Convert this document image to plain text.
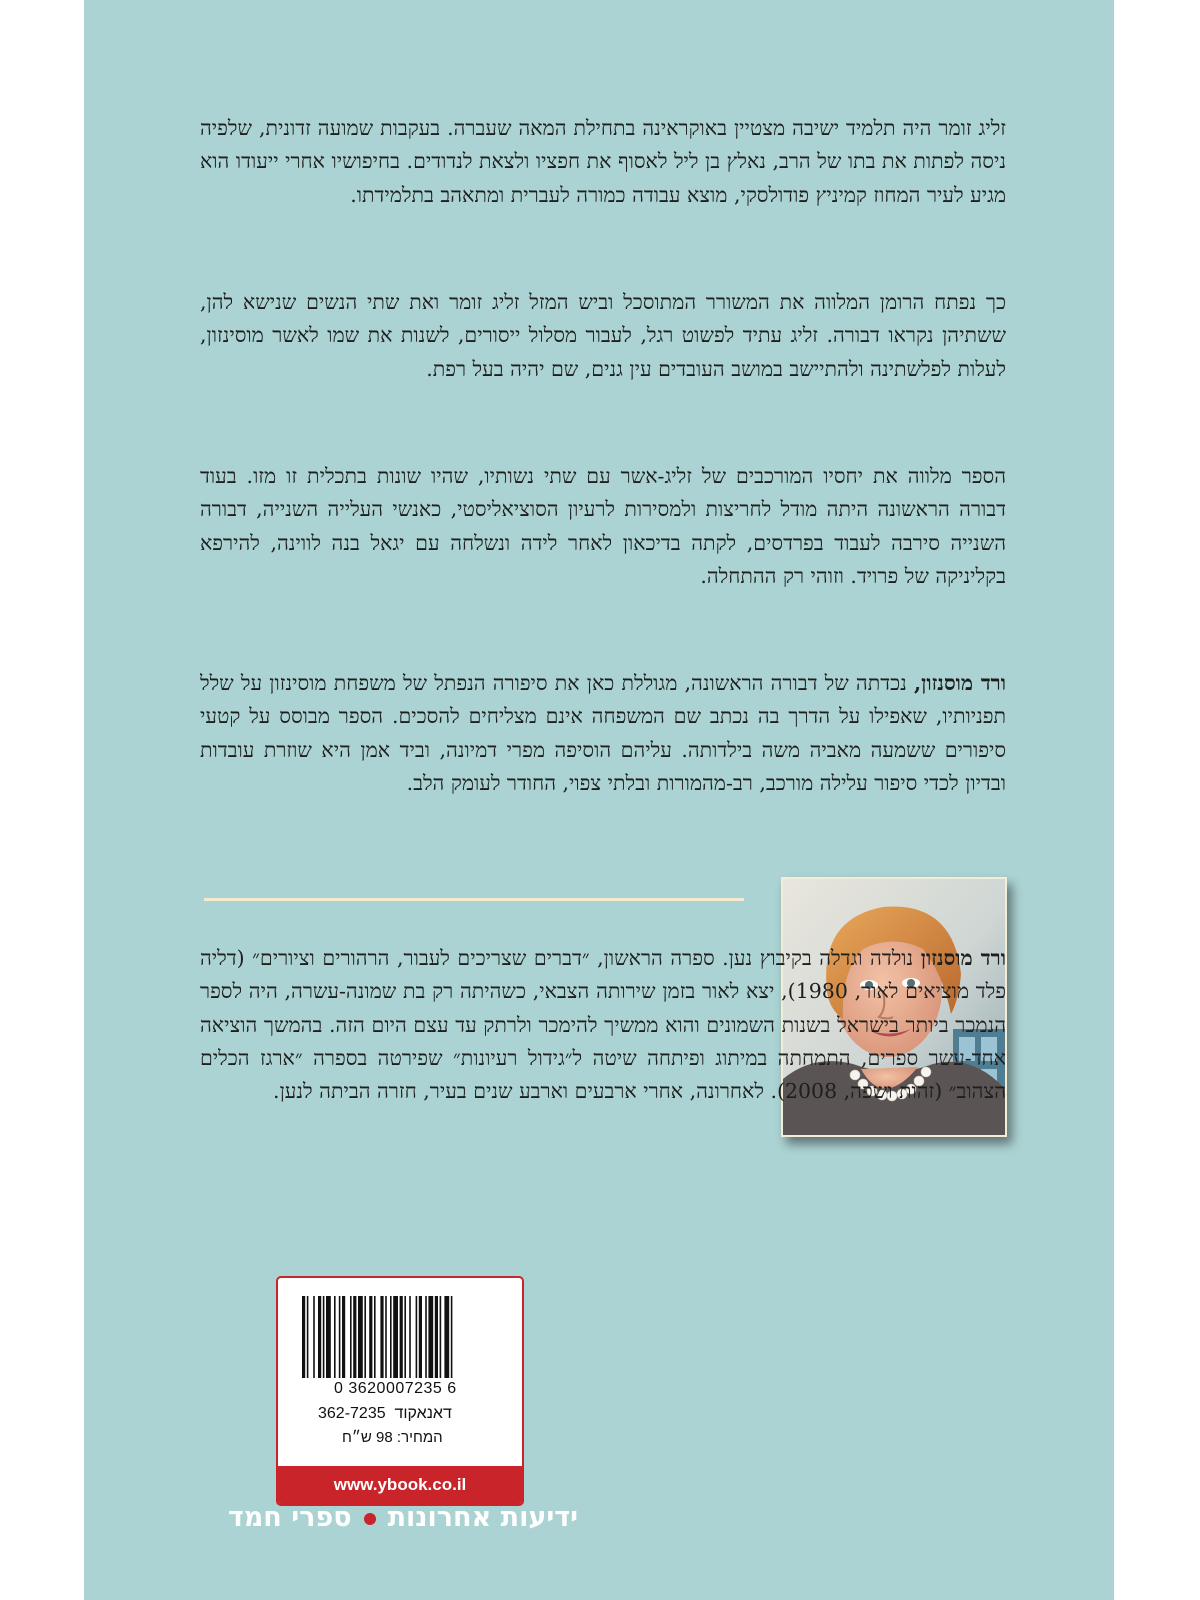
זליג זומר היה תלמיד ישיבה מצטיין באוקראינה בתחילת המאה שעברה. בעקבות שמועה זדונית, שלפיה ניסה לפתות את בתו של הרב, נאלץ בן ליל לאסוף את חפציו ולצאת לנדודים. בחיפושיו אחרי ייעודו הוא מגיע לעיר המחוז קמיניץ פודולסקי, מוצא עבודה כמורה לעברית ומתאהב בתלמידתו.

כך נפתח הרומן המלווה את המשורר המתוסכל וביש המזל זליג זומר ואת שתי הנשים שנישא להן, ששתיהן נקראו דבורה. זליג עתיד לפשוט רגל, לעבור מסלול ייסורים, לשנות את שמו לאשר מוסינזון, לעלות לפלשתינה ולהתיישב במושב העובדים עין גנים, שם יהיה בעל רפת.

הספר מלווה את יחסיו המורכבים של זליג-אשר עם שתי נשותיו, שהיו שונות בתכלית זו מזו. בעוד דבורה הראשונה היתה מודל לחריצות ולמסירות לרעיון הסוציאליסטי, כאנשי העלייה השנייה, דבורה השנייה סירבה לעבוד בפרדסים, לקתה בדיכאון לאחר לידה ונשלחה עם יגאל בנה לווינה, להירפא בקליניקה של פרויד. וזוהי רק ההתחלה.

ורד מוסנזון, נכדתה של דבורה הראשונה, מגוללת כאן את סיפורה הנפתל של משפחת מוסינזון על שלל תפניותיו, שאפילו על הדרך בה נכתב שם המשפחה אינם מצליחים להסכים. הספר מבוסס על קטעי סיפורים ששמעה מאביה משה בילדותה. עליהם הוסיפה מפרי דמיונה, וביד אמן היא שוזרת עובדות ובדיון לכדי סיפור עלילה מורכב, רב-מהמורות ובלתי צפוי, החודר לעומק הלב.

ורד מוסנזון נולדה וגדלה בקיבוץ נען. ספרה הראשון, ״דברים שצריכים לעבור, הרהורים וציורים״ (דליה פלד מוציאים לאור, 1980), יצא לאור בזמן שירותה הצבאי, כשהיתה רק בת שמונה-עשרה, היה לספר הנמכר ביותר בישראל בשנות השמונים והוא ממשיך להימכר ולרתק עד עצם היום הזה. בהמשך הוציאה אחד-עשר ספרים, התמחתה במיתוג ופיתחה שיטה ל״גידול רעיונות״ שפירטה בספרה ״ארגז הכלים הצהוב״ (זהות ושפה, 2008). לאחרונה, אחרי ארבעים וארבע שנים בעיר, חזרה הביתה לנען.

0 3620007235 6
362-7235 דאנאקוד
המחיר: 98 ש״ח
www.ybook.co.il
ידיעות אחרונותספרי חמד
